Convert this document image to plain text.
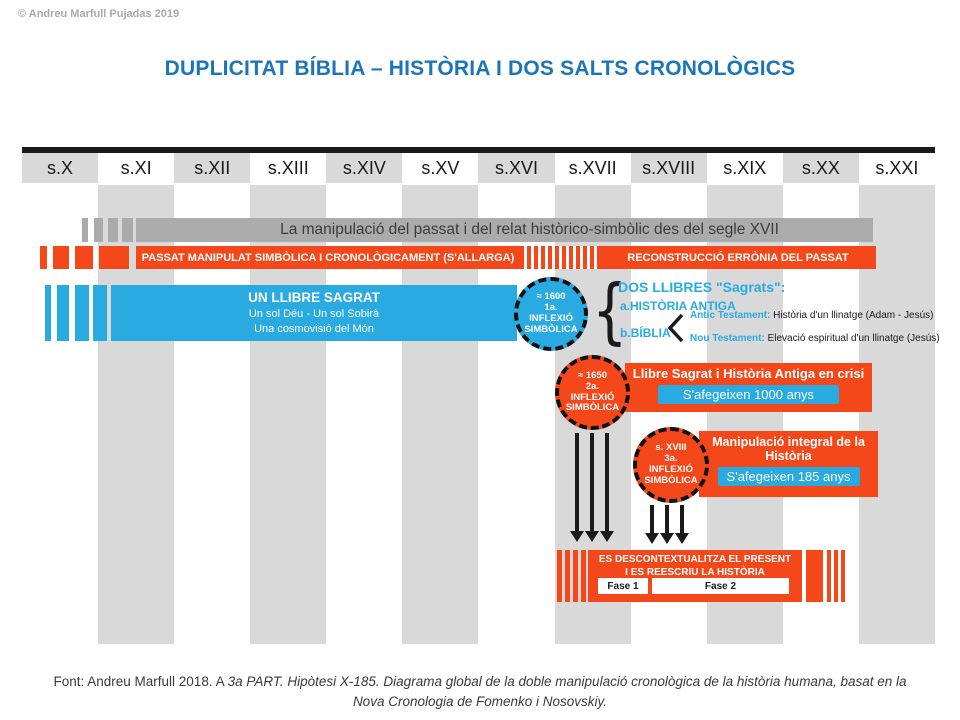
© Andreu Marfull Pujadas 2019
DUPLICITAT BÍBLIA – HISTÒRIA I DOS SALTS CRONOLÒGICS
s.X	s.XI	s.XII	s.XIII	s.XIV	s.XV	s.XVI	s.XVII	s.XVIII	s.XIX	s.XX	s.XXI
La manipulació del passat i del relat històrico-simbòlic des del segle XVII
PASSAT MANIPULAT SIMBÒLICA I CRONOLÒGICAMENT (S'ALLARGA)	RECONSTRUCCIÓ ERRÒNIA DEL PASSAT
UN LLIBRE SAGRAT
Un sol Déu - Un sol Sobirà
Una cosmovisió del Món
≈ 1600
1a.
INFLEXIÓ
SIMBÒLICA
≈ 1650
2a.
INFLEXIÓ
SIMBÒLICA
s. XVIII
3a.
INFLEXIÓ
SIMBÒLICA
{
DOS LLIBRES "Sagrats":
a.HISTÒRIA ANTIGA
b.BÍBLIA
Antic Testament: Història d'un llinatge (Adam - Jesús)
Nou Testament: Elevació espiritual d'un llinatge (Jesús)
Llibre Sagrat i Història Antiga en crisi
S'afegeixen 1000 anys
Manipulació integral de la Història
S'afegeixen 185 anys
ES DESCONTEXTUALITZA EL PRESENT
I ES REESCRIU LA HISTÒRIA
Fase 1	Fase 2
Font: Andreu Marfull 2018. A 3a PART. Hipòtesi X-185. Diagrama global de la doble manipulació cronològica de la història humana, basat en la
Nova Cronologia de Fomenko i Nosovskiy.
